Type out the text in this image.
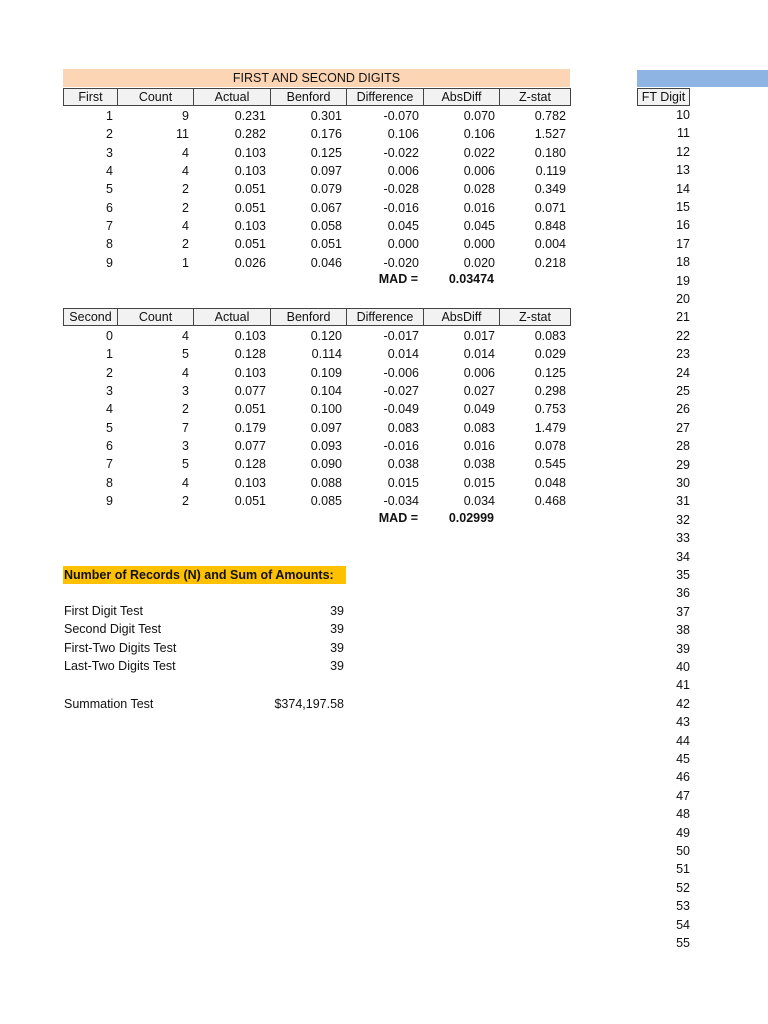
FIRST AND SECOND DIGITS
First	Count	Actual	Benford	Difference	AbsDiff	Z-stat
1	9	0.231	0.301	-0.070	0.070	0.782
2	11	0.282	0.176	0.106	0.106	1.527
3	4	0.103	0.125	-0.022	0.022	0.180
4	4	0.103	0.097	0.006	0.006	0.119
5	2	0.051	0.079	-0.028	0.028	0.349
6	2	0.051	0.067	-0.016	0.016	0.071
7	4	0.103	0.058	0.045	0.045	0.848
8	2	0.051	0.051	0.000	0.000	0.004
9	1	0.026	0.046	-0.020	0.020	0.218
MAD =	0.03474
Second	Count	Actual	Benford	Difference	AbsDiff	Z-stat
0	4	0.103	0.120	-0.017	0.017	0.083
1	5	0.128	0.114	0.014	0.014	0.029
2	4	0.103	0.109	-0.006	0.006	0.125
3	3	0.077	0.104	-0.027	0.027	0.298
4	2	0.051	0.100	-0.049	0.049	0.753
5	7	0.179	0.097	0.083	0.083	1.479
6	3	0.077	0.093	-0.016	0.016	0.078
7	5	0.128	0.090	0.038	0.038	0.545
8	4	0.103	0.088	0.015	0.015	0.048
9	2	0.051	0.085	-0.034	0.034	0.468
MAD =	0.02999
Number of Records (N) and Sum of Amounts:
First Digit Test	39
Second Digit Test	39
First-Two Digits Test	39
Last-Two Digits Test	39
Summation Test	$374,197.58
FT Digit
10
11
12
13
14
15
16
17
18
19
20
21
22
23
24
25
26
27
28
29
30
31
32
33
34
35
36
37
38
39
40
41
42
43
44
45
46
47
48
49
50
51
52
53
54
55
